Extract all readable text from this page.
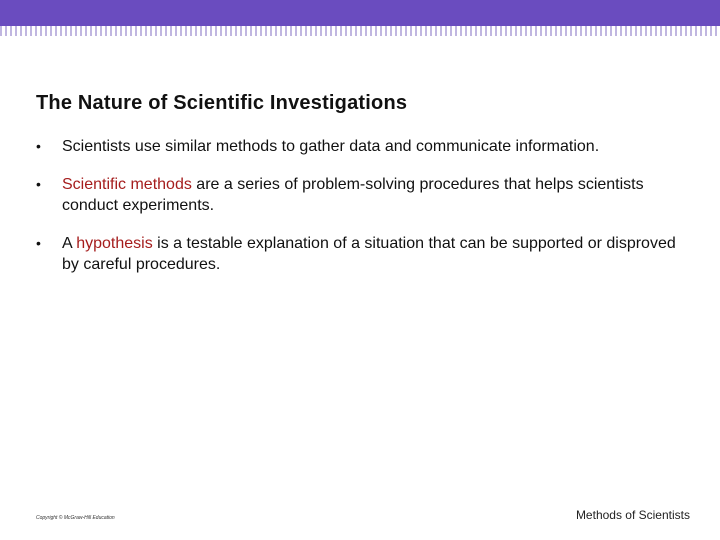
The Nature of Scientific Investigations
• Scientists use similar methods to gather data and communicate information.
• Scientific methods are a series of problem-solving procedures that helps scientists conduct experiments.
• A hypothesis is a testable explanation of a situation that can be supported or disproved by careful procedures.
Copyright © McGraw-Hill Education	Methods of Scientists
